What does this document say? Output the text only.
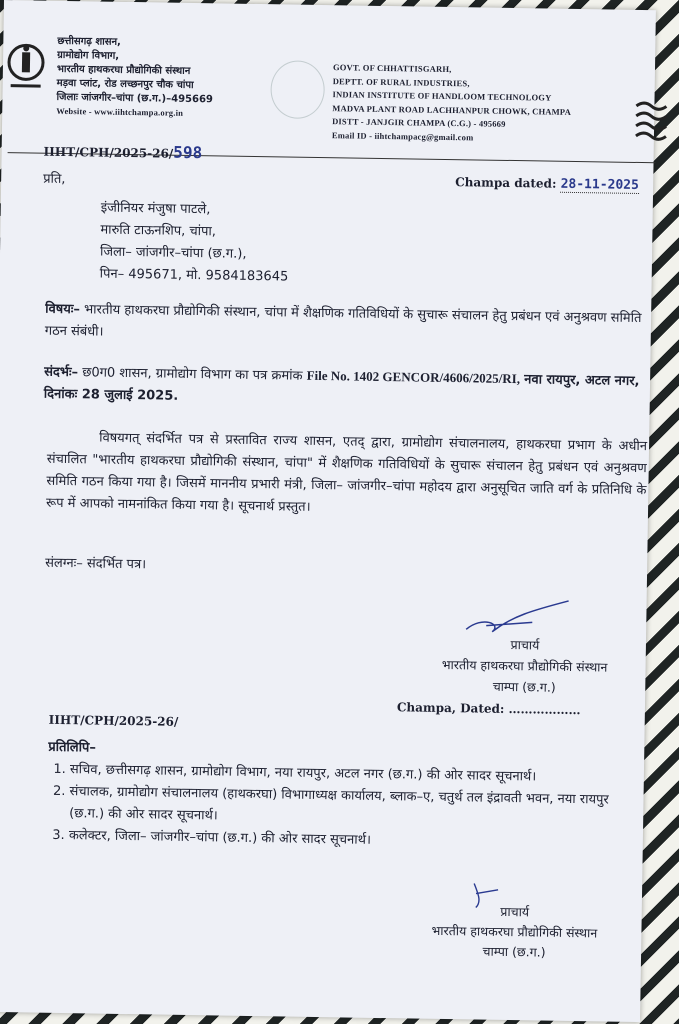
छत्तीसगढ़ शासन,
ग्रामोद्योग विभाग,
भारतीय हाथकरघा प्रौद्योगिकी संस्थान
मड़वा प्लांट, रोड लच्छनपुर चौक चांपा
जिलाः जांजगीर–चांपा (छ.ग.)–495669
Website - www.iihtchampa.org.in
GOVT. OF CHHATTISGARH,
DEPTT. OF RURAL INDUSTRIES,
INDIAN INSTITUTE OF HANDLOOM TECHNOLOGY
MADVA PLANT ROAD LACHHANPUR CHOWK, CHAMPA
DISTT - JANJGIR CHAMPA (C.G.) - 495669
Email ID - iihtchampacg@gmail.com
IIHT/CPH/2025-26/598
Champa dated: 28-11-2025
प्रति,
इंजीनियर मंजुषा पाटले,
मारुति टाऊनशिप, चांपा,
जिला– जांजगीर–चांपा (छ.ग.),
पिन– 495671, मो. 9584183645
विषयः– भारतीय हाथकरघा प्रौद्योगिकी संस्थान, चांपा में शैक्षणिक गतिविधियों के सुचारू संचालन हेतु प्रबंधन एवं अनुश्रवण समिति गठन संबंधी।
संदर्भः– छ0ग0 शासन, ग्रामोद्योग विभाग का पत्र क्रमांक File No. 1402 GENCOR/4606/2025/RI, नवा रायपुर, अटल नगर, दिनांकः 28 जुलाई 2025.
विषयगत् संदर्भित पत्र से प्रस्तावित राज्य शासन, एतद् द्वारा, ग्रामोद्योग संचालनालय, हाथकरघा प्रभाग के अधीन संचालित "भारतीय हाथकरघा प्रौद्योगिकी संस्थान, चांपा" में शैक्षणिक गतिविधियों के सुचारू संचालन हेतु प्रबंधन एवं अनुश्रवण समिति गठन किया गया है। जिसमें माननीय प्रभारी मंत्री, जिला– जांजगीर–चांपा महोदय द्वारा अनुसूचित जाति वर्ग के प्रतिनिधि के रूप में आपको नामनांकित किया गया है। सूचनार्थ प्रस्तुत।
संलग्नः– संदर्भित पत्र।
प्राचार्य
भारतीय हाथकरघा प्रौद्योगिकी संस्थान
चाम्पा (छ.ग.)
Champa, Dated: ………………
IIHT/CPH/2025-26/
प्रतिलिपि–
1. सचिव, छत्तीसगढ़ शासन, ग्रामोद्योग विभाग, नया रायपुर, अटल नगर (छ.ग.) की ओर सादर सूचनार्थ।
2. संचालक, ग्रामोद्योग संचालनालय (हाथकरघा) विभागाध्यक्ष कार्यालय, ब्लाक–ए, चतुर्थ तल इंद्रावती भवन, नया रायपुर (छ.ग.) की ओर सादर सूचनार्थ।
3. कलेक्टर, जिला– जांजगीर–चांपा (छ.ग.) की ओर सादर सूचनार्थ।
प्राचार्य
भारतीय हाथकरघा प्रौद्योगिकी संस्थान
चाम्पा (छ.ग.)
